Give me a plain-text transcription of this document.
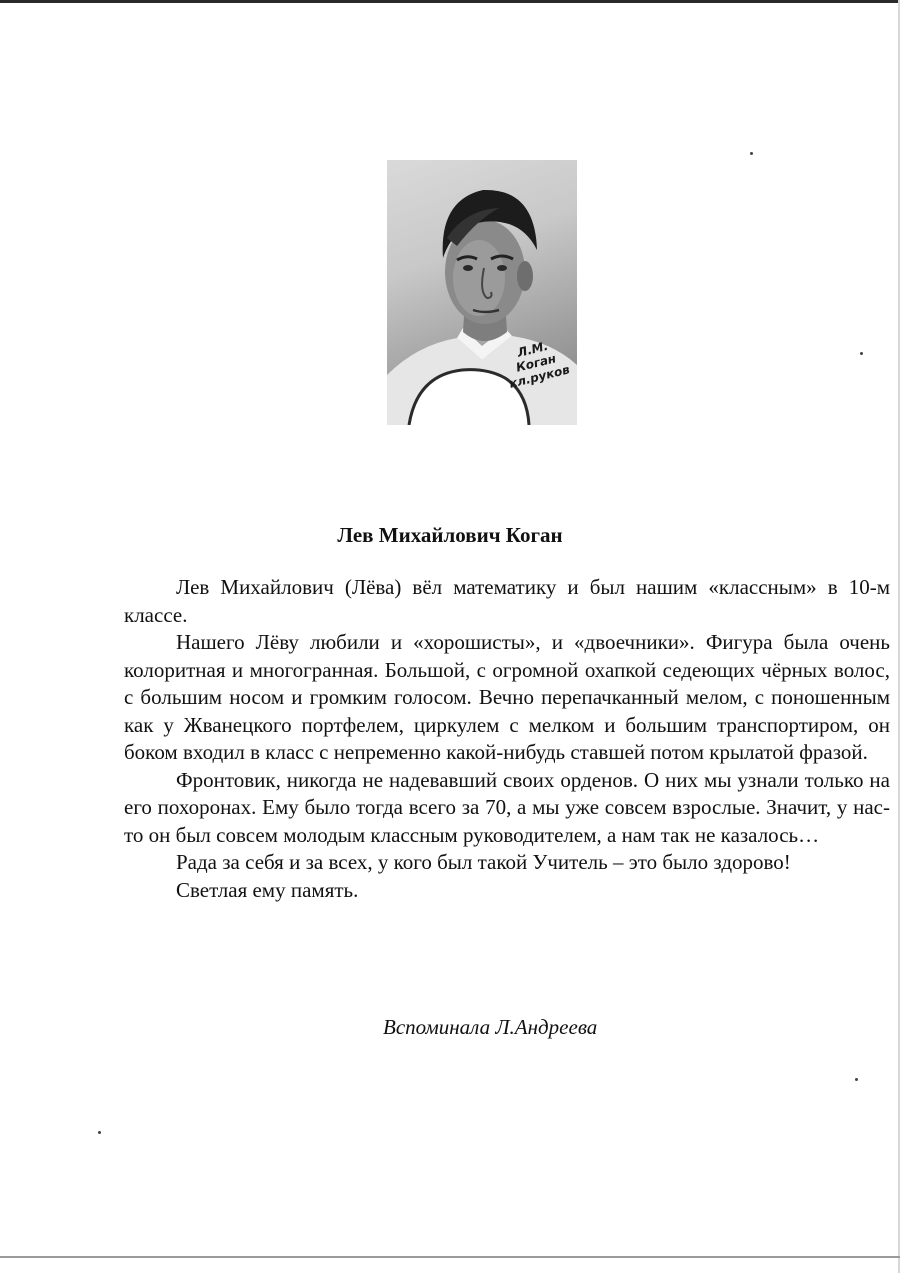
Л.М.
Коган
кл.руков
Лев Михайлович Коган

Лев Михайлович (Лёва) вёл математику и был нашим «классным» в 10-м классе.

Нашего Лёву любили и «хорошисты», и «двоечники». Фигура была очень колоритная и многогранная. Большой, с огромной охапкой седеющих чёрных волос, с большим носом и громким голосом. Вечно перепачканный мелом, с поношенным как у Жванецкого портфелем, циркулем с мелком и большим транспортиром, он боком входил в класс с непременно какой-нибудь ставшей потом крылатой фразой.

Фронтовик, никогда не надевавший своих орденов. О них мы узнали только на его похоронах. Ему было тогда всего за 70, а мы уже совсем взрослые. Значит, у нас-то он был совсем молодым классным руководителем, а нам так не казалось…

Рада за себя и за всех, у кого был такой Учитель – это было здорово!

Светлая ему память.

Вспоминала Л.Андреева
